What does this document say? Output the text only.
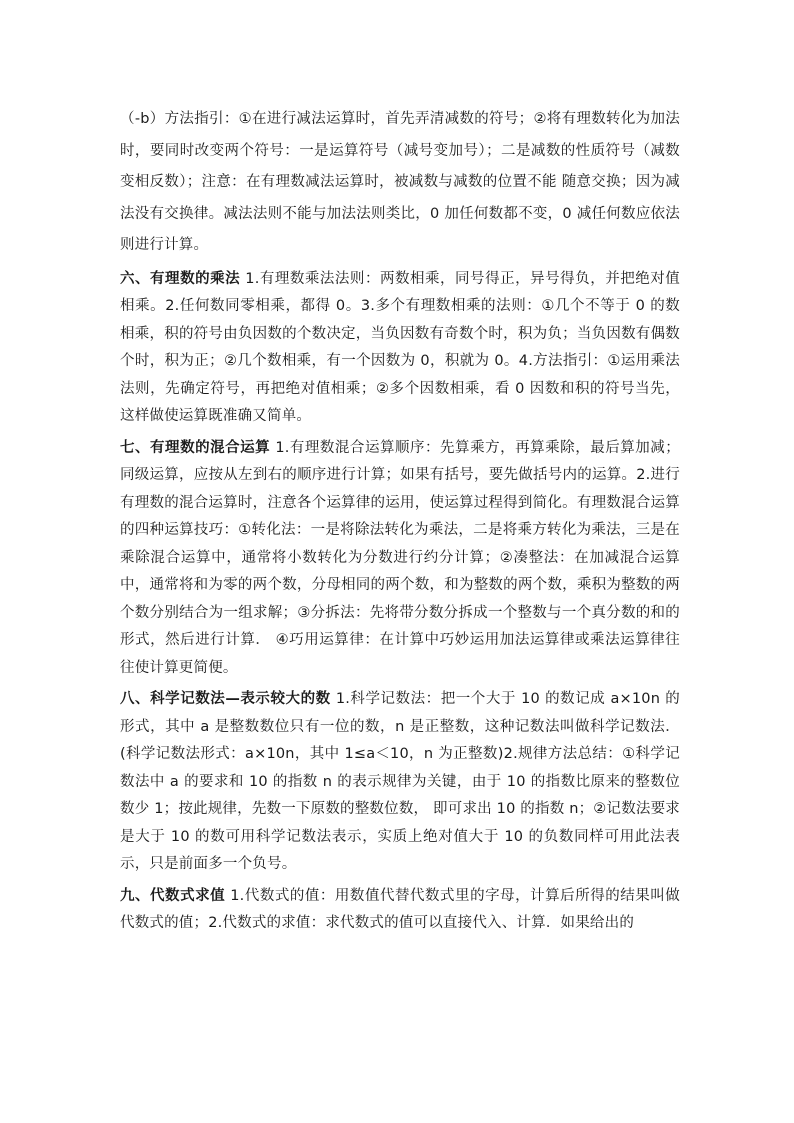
（-b）方法指引：①在进行减法运算时，首先弄清减数的符号；②将有理数转化为加法时，要同时改变两个符号：一是运算符号（减号变加号）；二是减数的性质符号（减数变相反数）；注意：在有理数减法运算时，被减数与减数的位置不能 随意交换；因为减法没有交换律。减法法则不能与加法法则类比，0 加任何数都不变，0 减任何数应依法则进行计算。

六、有理数的乘法 1.有理数乘法法则：两数相乘，同号得正，异号得负，并把绝对值相乘。2.任何数同零相乘，都得 0。3.多个有理数相乘的法则：①几个不等于 0 的数相乘，积的符号由负因数的个数决定，当负因数有奇数个时，积为负；当负因数有偶数个时，积为正；②几个数相乘，有一个因数为 0，积就为 0。4.方法指引：①运用乘法法则，先确定符号，再把绝对值相乘；②多个因数相乘，看 0 因数和积的符号当先，这样做使运算既准确又简单。

七、有理数的混合运算 1.有理数混合运算顺序：先算乘方，再算乘除，最后算加减；同级运算，应按从左到右的顺序进行计算；如果有括号，要先做括号内的运算。2.进行有理数的混合运算时，注意各个运算律的运用，使运算过程得到简化。有理数混合运算的四种运算技巧：①转化法：一是将除法转化为乘法，二是将乘方转化为乘法，三是在乘除混合运算中，通常将小数转化为分数进行约分计算；②凑整法：在加减混合运算中，通常将和为零的两个数，分母相同的两个数，和为整数的两个数，乘积为整数的两个数分别结合为一组求解；③分拆法：先将带分数分拆成一个整数与一个真分数的和的形式，然后进行计算． ④巧用运算律：在计算中巧妙运用加法运算律或乘法运算律往往使计算更简便。

八、科学记数法—表示较大的数 1.科学记数法：把一个大于 10 的数记成 a×10n 的形式，其中 a 是整数数位只有一位的数，n 是正整数，这种记数法叫做科学记数法．(科学记数法形式：a×10n，其中 1≤a＜10，n 为正整数)2.规律方法总结：①科学记数法中 a 的要求和 10 的指数 n 的表示规律为关键，由于 10 的指数比原来的整数位数少 1；按此规律，先数一下原数的整数位数， 即可求出 10 的指数 n；②记数法要求是大于 10 的数可用科学记数法表示，实质上绝对值大于 10 的负数同样可用此法表示，只是前面多一个负号。

九、代数式求值 1.代数式的值：用数值代替代数式里的字母，计算后所得的结果叫做代数式的值；2.代数式的求值：求代数式的值可以直接代入、计算．如果给出的
